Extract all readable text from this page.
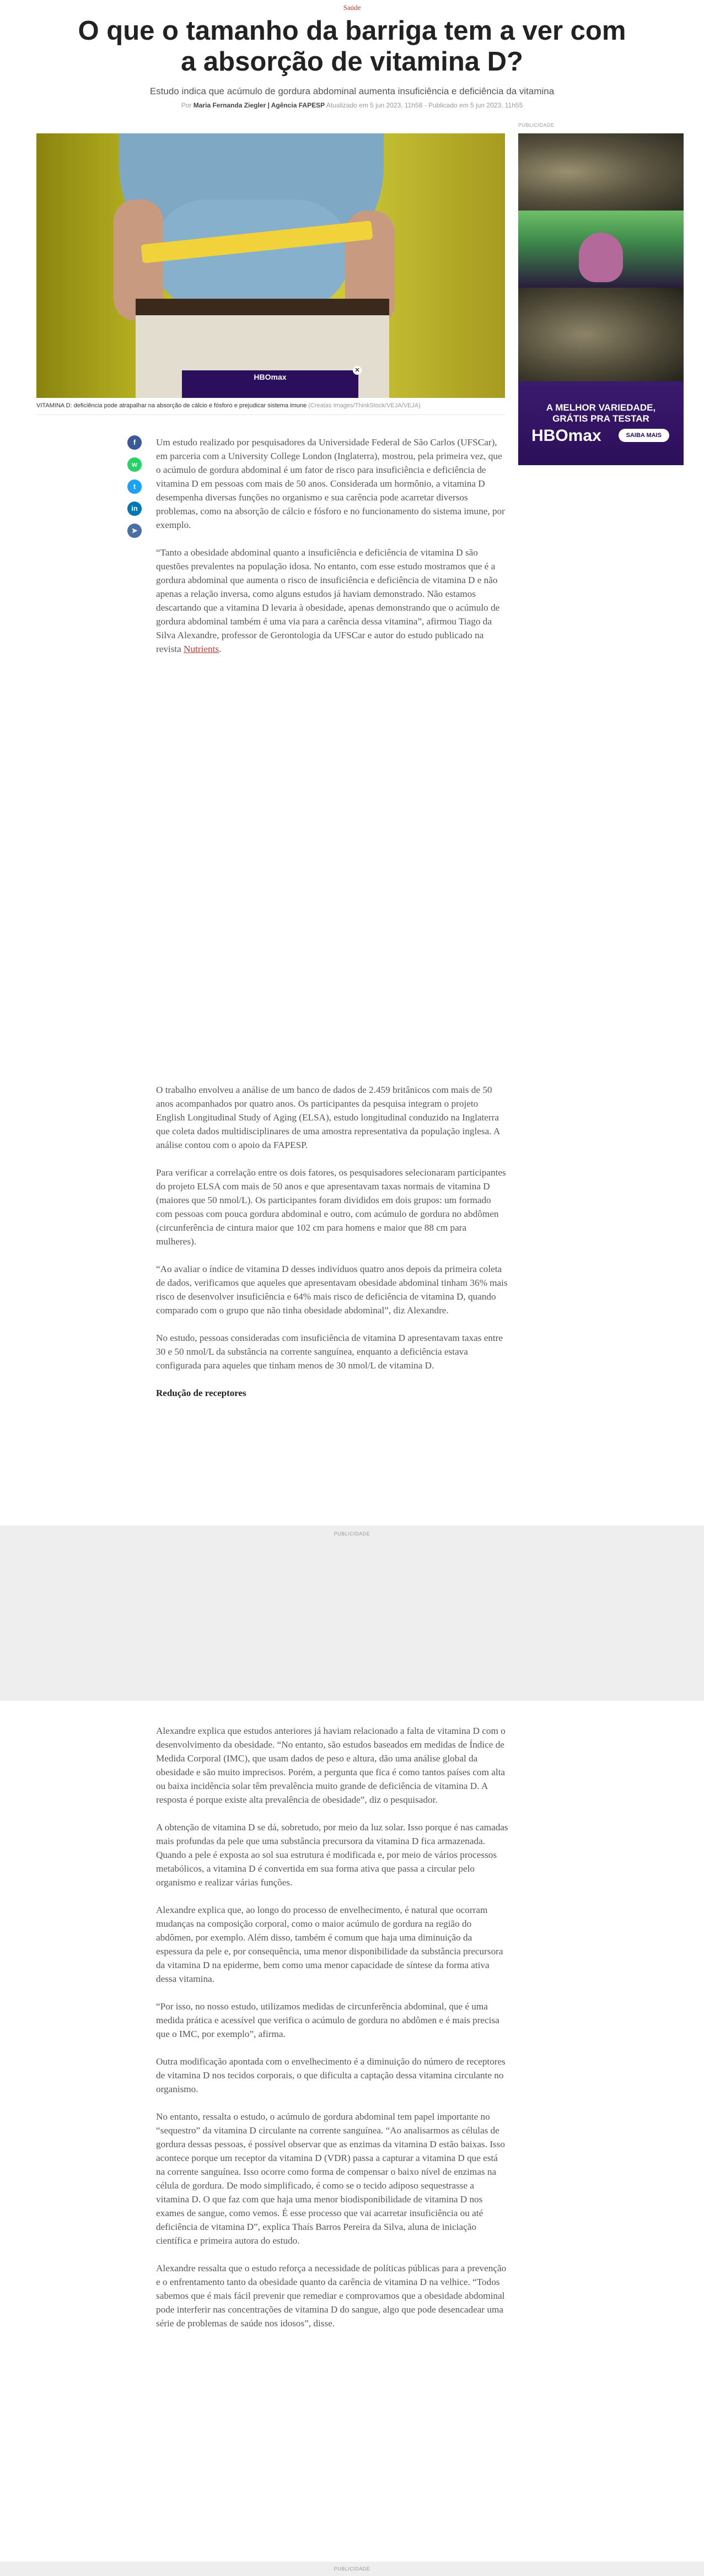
Saúde
O que o tamanho da barriga tem a ver com a absorção de vitamina D?
Estudo indica que acúmulo de gordura abdominal aumenta insuficiência e deficiência da vitamina
Por Maria Fernanda Ziegler | Agência FAPESP Atualizado em 5 jun 2023, 11h58 - Publicado em 5 jun 2023, 11h55
PUBLICIDADE
A MELHOR VARIEDADE,
GRÁTIS PRA TESTAR
HBOmax	SAIBA MAIS
HBOmax
✕
VITAMINA D: deficiência pode atrapalhar na absorção de cálcio e fósforo e prejudicar sistema imune (Creatas Images/ThinkStock/VEJA/VEJA)
f
w
t
in
➤

Um estudo realizado por pesquisadores da Universidade Federal de São Carlos (UFSCar), em parceria com a University College London (Inglaterra), mostrou, pela primeira vez, que o acúmulo de gordura abdominal é um fator de risco para insuficiência e deficiência de vitamina D em pessoas com mais de 50 anos. Considerada um hormônio, a vitamina D desempenha diversas funções no organismo e sua carência pode acarretar diversos problemas, como na absorção de cálcio e fósforo e no funcionamento do sistema imune, por exemplo.

“Tanto a obesidade abdominal quanto a insuficiência e deficiência de vitamina D são questões prevalentes na população idosa. No entanto, com esse estudo mostramos que é a gordura abdominal que aumenta o risco de insuficiência e deficiência de vitamina D e não apenas a relação inversa, como alguns estudos já haviam demonstrado. Não estamos descartando que a vitamina D levaria à obesidade, apenas demonstrando que o acúmulo de gordura abdominal também é uma via para a carência dessa vitamina”, afirmou Tiago da Silva Alexandre, professor de Gerontologia da UFSCar e autor do estudo publicado na revista Nutrients.

O trabalho envolveu a análise de um banco de dados de 2.459 britânicos com mais de 50 anos acompanhados por quatro anos. Os participantes da pesquisa integram o projeto English Longitudinal Study of Aging (ELSA), estudo longitudinal conduzido na Inglaterra que coleta dados multidisciplinares de uma amostra representativa da população inglesa. A análise contou com o apoio da FAPESP.

Para verificar a correlação entre os dois fatores, os pesquisadores selecionaram participantes do projeto ELSA com mais de 50 anos e que apresentavam taxas normais de vitamina D (maiores que 50 nmol/L). Os participantes foram divididos em dois grupos: um formado com pessoas com pouca gordura abdominal e outro, com acúmulo de gordura no abdômen (circunferência de cintura maior que 102 cm para homens e maior que 88 cm para mulheres).

“Ao avaliar o índice de vitamina D desses indivíduos quatro anos depois da primeira coleta de dados, verificamos que aqueles que apresentavam obesidade abdominal tinham 36% mais risco de desenvolver insuficiência e 64% mais risco de deficiência de vitamina D, quando comparado com o grupo que não tinha obesidade abdominal”, diz Alexandre.

No estudo, pessoas consideradas com insuficiência de vitamina D apresentavam taxas entre 30 e 50 nmol/L da substância na corrente sanguínea, enquanto a deficiência estava configurada para aqueles que tinham menos de 30 nmol/L de vitamina D.

Redução de receptores
PUBLICIDADE

Alexandre explica que estudos anteriores já haviam relacionado a falta de vitamina D com o desenvolvimento da obesidade. “No entanto, são estudos baseados em medidas de Índice de Medida Corporal (IMC), que usam dados de peso e altura, dão uma análise global da obesidade e são muito imprecisos. Porém, a pergunta que fica é como tantos países com alta ou baixa incidência solar têm prevalência muito grande de deficiência de vitamina D. A resposta é porque existe alta prevalência de obesidade”, diz o pesquisador.

A obtenção de vitamina D se dá, sobretudo, por meio da luz solar. Isso porque é nas camadas mais profundas da pele que uma substância precursora da vitamina D fica armazenada. Quando a pele é exposta ao sol sua estrutura é modificada e, por meio de vários processos metabólicos, a vitamina D é convertida em sua forma ativa que passa a circular pelo organismo e realizar várias funções.

Alexandre explica que, ao longo do processo de envelhecimento, é natural que ocorram mudanças na composição corporal, como o maior acúmulo de gordura na região do abdômen, por exemplo. Além disso, também é comum que haja uma diminuição da espessura da pele e, por consequência, uma menor disponibilidade da substância precursora da vitamina D na epiderme, bem como uma menor capacidade de síntese da forma ativa dessa vitamina.

“Por isso, no nosso estudo, utilizamos medidas de circunferência abdominal, que é uma medida prática e acessível que verifica o acúmulo de gordura no abdômen e é mais precisa que o IMC, por exemplo”, afirma.

Outra modificação apontada com o envelhecimento é a diminuição do número de receptores de vitamina D nos tecidos corporais, o que dificulta a captação dessa vitamina circulante no organismo.

No entanto, ressalta o estudo, o acúmulo de gordura abdominal tem papel importante no “sequestro” da vitamina D circulante na corrente sanguínea. “Ao analisarmos as células de gordura dessas pessoas, é possível observar que as enzimas da vitamina D estão baixas. Isso acontece porque um receptor da vitamina D (VDR) passa a capturar a vitamina D que está na corrente sanguínea. Isso ocorre como forma de compensar o baixo nível de enzimas na célula de gordura. De modo simplificado, é como se o tecido adiposo sequestrasse a vitamina D. O que faz com que haja uma menor biodisponibilidade de vitamina D nos exames de sangue, como vemos. É esse processo que vai acarretar insuficiência ou até deficiência de vitamina D”, explica Thaís Barros Pereira da Silva, aluna de iniciação científica e primeira autora do estudo.

Alexandre ressalta que o estudo reforça a necessidade de políticas públicas para a prevenção e o enfrentamento tanto da obesidade quanto da carência de vitamina D na velhice. “Todos sabemos que é mais fácil prevenir que remediar e comprovamos que a obesidade abdominal pode interferir nas concentrações de vitamina D do sangue, algo que pode desencadear uma série de problemas de saúde nos idosos”, disse.

PUBLICIDADE
